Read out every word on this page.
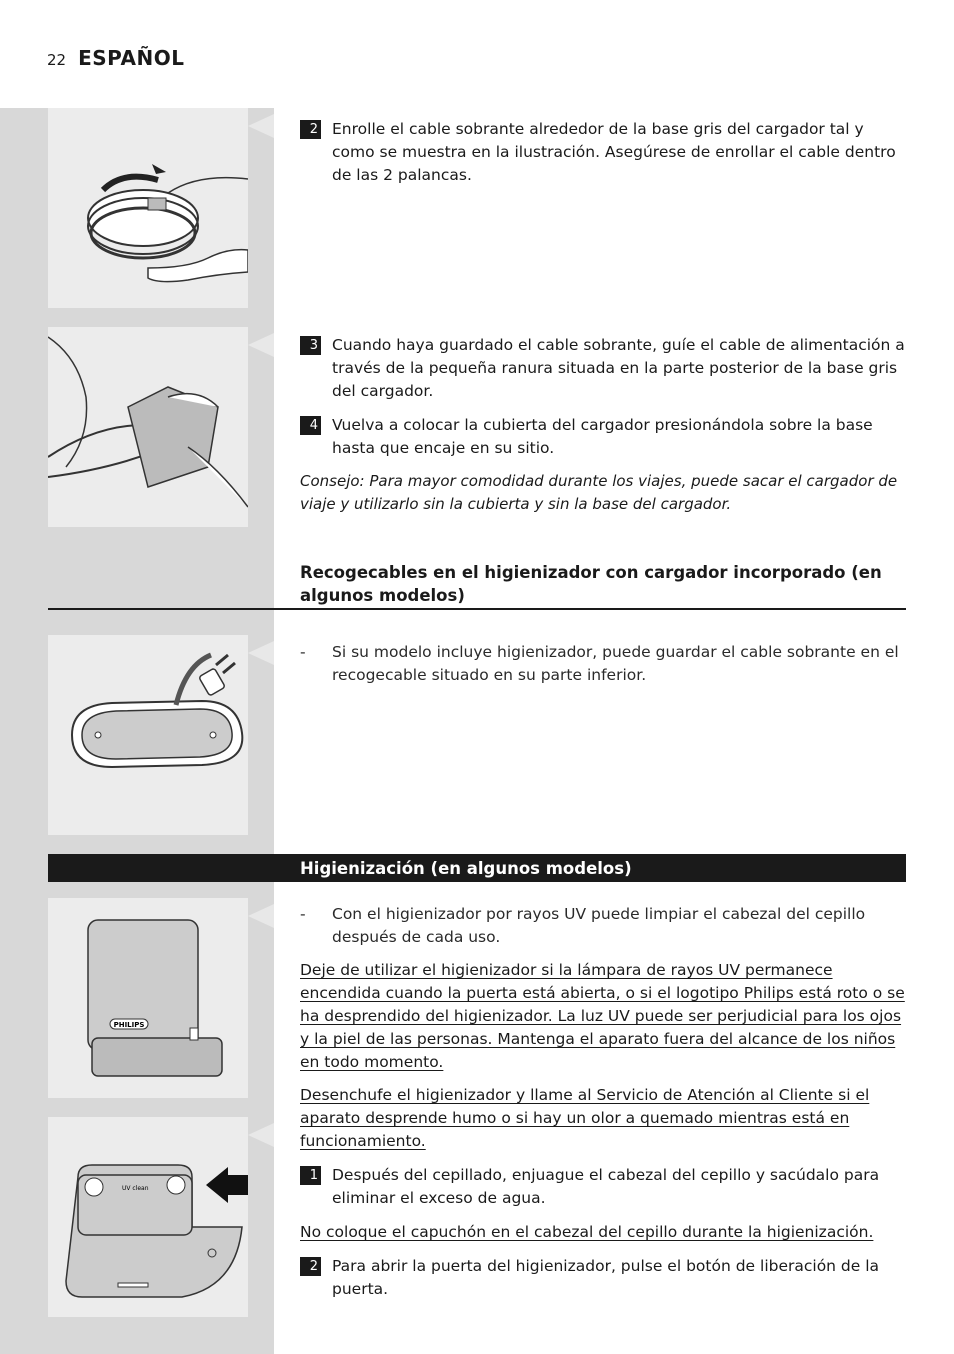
22 ESPAÑOL
2 Enrolle el cable sobrante alrededor de la base gris del cargador tal y como se muestra en la ilustración. Asegúrese de enrollar el cable dentro de las 2 palancas.
3 Cuando haya guardado el cable sobrante, guíe el cable de alimentación a través de la pequeña ranura situada en la parte posterior de la base gris del cargador.
4 Vuelva a colocar la cubierta del cargador presionándola sobre la base hasta que encaje en su sitio.
Consejo: Para mayor comodidad durante los viajes, puede sacar el cargador de viaje y utilizarlo sin la cubierta y sin la base del cargador.
Recogecables en el higienizador con cargador incorporado (en algunos modelos)
-	Si su modelo incluye higienizador, puede guardar el cable sobrante en el recogecable situado en su parte inferior.
Higienización (en algunos modelos)
PHILIPS
-	Con el higienizador por rayos UV puede limpiar el cabezal del cepillo después de cada uso.
Deje de utilizar el higienizador si la lámpara de rayos UV permanece encendida cuando la puerta está abierta, o si el logotipo Philips está roto o se ha desprendido del higienizador. La luz UV puede ser perjudicial para los ojos y la piel de las personas. Mantenga el aparato fuera del alcance de los niños en todo momento.
Desenchufe el higienizador y llame al Servicio de Atención al Cliente si el aparato desprende humo o si hay un olor a quemado mientras está en funcionamiento.
UV clean
1 Después del cepillado, enjuague el cabezal del cepillo y sacúdalo para eliminar el exceso de agua.
No coloque el capuchón en el cabezal del cepillo durante la higienización.
2 Para abrir la puerta del higienizador, pulse el botón de liberación de la puerta.
